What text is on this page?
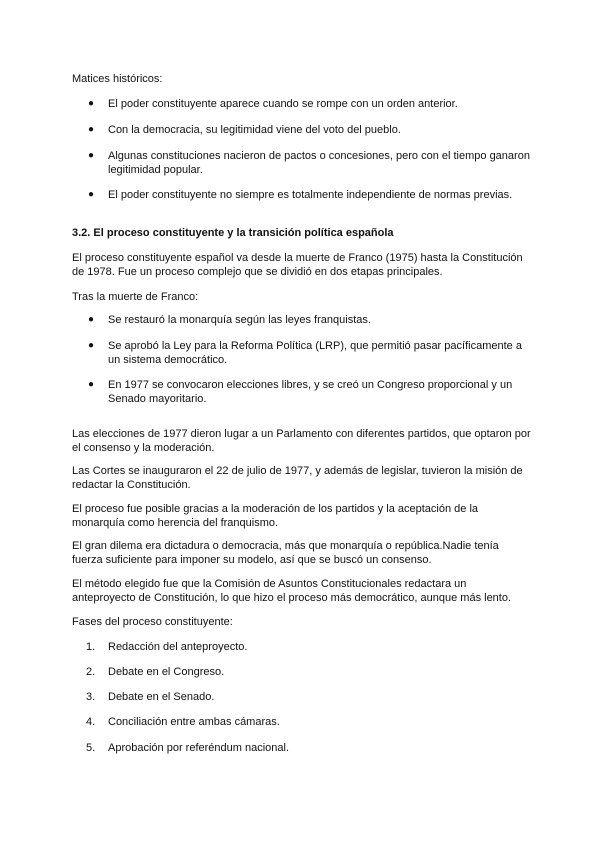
Matices históricos:

● El poder constituyente aparece cuando se rompe con un orden anterior.
● Con la democracia, su legitimidad viene del voto del pueblo.
● Algunas constituciones nacieron de pactos o concesiones, pero con el tiempo ganaron legitimidad popular.
● El poder constituyente no siempre es totalmente independiente de normas previas.

3.2. El proceso constituyente y la transición política española

El proceso constituyente español va desde la muerte de Franco (1975) hasta la Constitución de 1978. Fue un proceso complejo que se dividió en dos etapas principales.

Tras la muerte de Franco:

● Se restauró la monarquía según las leyes franquistas.
● Se aprobó la Ley para la Reforma Política (LRP), que permitió pasar pacíficamente a un sistema democrático.
● En 1977 se convocaron elecciones libres, y se creó un Congreso proporcional y un Senado mayoritario.

Las elecciones de 1977 dieron lugar a un Parlamento con diferentes partidos, que optaron por el consenso y la moderación.

Las Cortes se inauguraron el 22 de julio de 1977, y además de legislar, tuvieron la misión de redactar la Constitución.

El proceso fue posible gracias a la moderación de los partidos y la aceptación de la monarquía como herencia del franquismo.

El gran dilema era dictadura o democracia, más que monarquía o república.Nadie tenía fuerza suficiente para imponer su modelo, así que se buscó un consenso.

El método elegido fue que la Comisión de Asuntos Constitucionales redactara un anteproyecto de Constitución, lo que hizo el proceso más democrático, aunque más lento.

Fases del proceso constituyente:

1. Redacción del anteproyecto.
2. Debate en el Congreso.
3. Debate en el Senado.
4. Conciliación entre ambas cámaras.
5. Aprobación por referéndum nacional.
